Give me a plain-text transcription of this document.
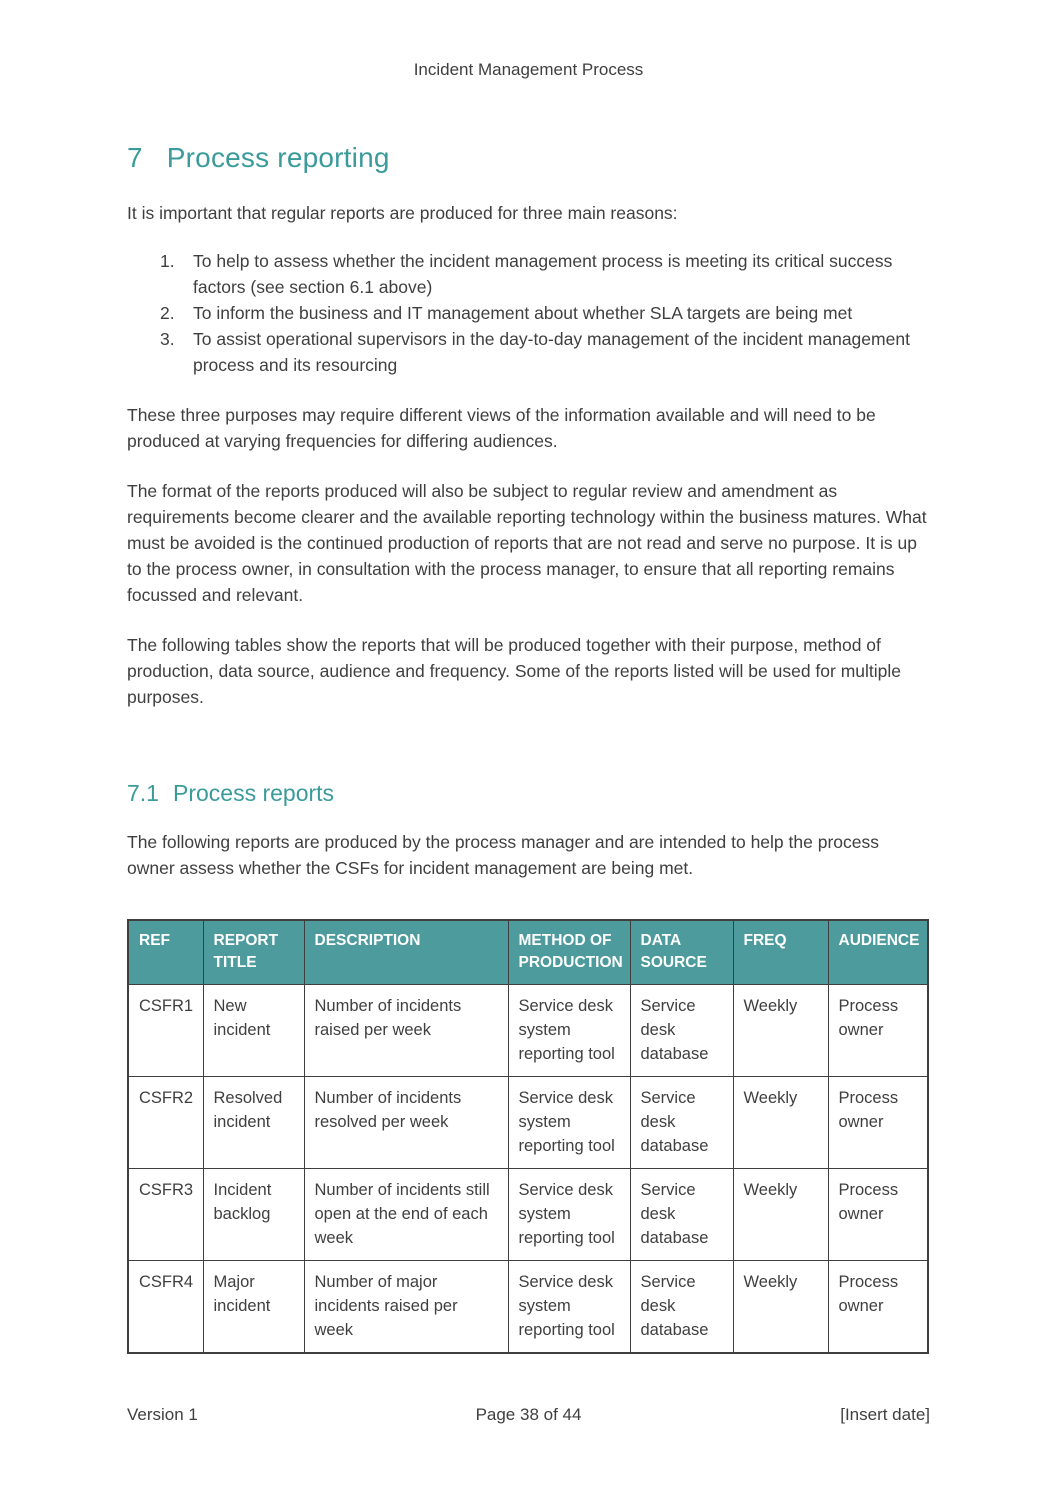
Incident Management Process
7 Process reporting

It is important that regular reports are produced for three main reasons:

1.	To help to assess whether the incident management process is meeting its critical success factors (see section 6.1 above)
2.	To inform the business and IT management about whether SLA targets are being met
3.	To assist operational supervisors in the day-to-day management of the incident management process and its resourcing

These three purposes may require different views of the information available and will need to be produced at varying frequencies for differing audiences.

The format of the reports produced will also be subject to regular review and amendment as requirements become clearer and the available reporting technology within the business matures. What must be avoided is the continued production of reports that are not read and serve no purpose. It is up to the process owner, in consultation with the process manager, to ensure that all reporting remains focussed and relevant.

The following tables show the reports that will be produced together with their purpose, method of production, data source, audience and frequency. Some of the reports listed will be used for multiple purposes.

7.1 Process reports

The following reports are produced by the process manager and are intended to help the process owner assess whether the CSFs for incident management are being met.

REF	REPORT TITLE	DESCRIPTION	METHOD OF PRODUCTION	DATA SOURCE	FREQ	AUDIENCE
CSFR1	New incident	Number of incidents raised per week	Service desk system reporting tool	Service desk database	Weekly	Process owner
CSFR2	Resolved incident	Number of incidents resolved per week	Service desk system reporting tool	Service desk database	Weekly	Process owner
CSFR3	Incident backlog	Number of incidents still open at the end of each week	Service desk system reporting tool	Service desk database	Weekly	Process owner
CSFR4	Major incident	Number of major incidents raised per week	Service desk system reporting tool	Service desk database	Weekly	Process owner
Page 38 of 44
Version 1	[Insert date]
